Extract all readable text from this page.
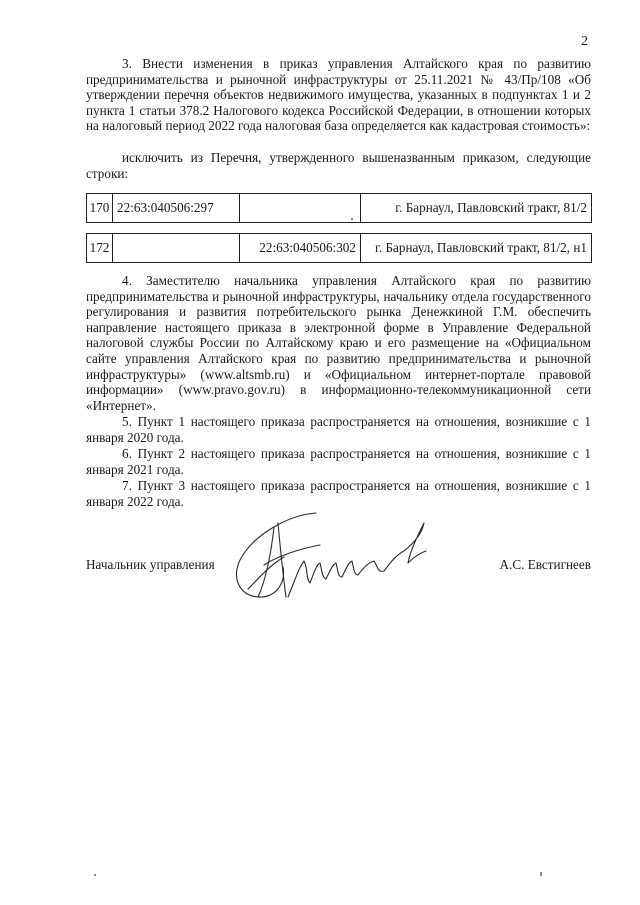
2

3. Внести изменения в приказ управления Алтайского края по развитию предпринимательства и рыночной инфраструктуры от 25.11.2021 № 43/Пр/108 «Об утверждении перечня объектов недвижимого имущества, указанных в подпунктах 1 и 2 пункта 1 статьи 378.2 Налогового кодекса Российской Федерации, в отношении которых на налоговый период 2022 года налоговая база определяется как кадастровая стоимость»:

исключить из Перечня, утвержденного вышеназванным приказом, следующие строки:

170	22:63:040506:297		г. Барнаул, Павловский тракт, 81/2
172		22:63:040506:302	г. Барнаул, Павловский тракт, 81/2, н1

4. Заместителю начальника управления Алтайского края по развитию предпринимательства и рыночной инфраструктуры, начальнику отдела государственного регулирования и развития потребительского рынка Денежкиной Г.М. обеспечить направление настоящего приказа в электронной форме в Управление Федеральной налоговой службы России по Алтайскому краю и его размещение на «Официальном сайте управления Алтайского края по развитию предпринимательства и рыночной инфраструктуры» (www.altsmb.ru) и «Официальном интернет-портале правовой информации» (www.pravo.gov.ru) в информационно-телекоммуникационной сети «Интернет».

5. Пункт 1 настоящего приказа распространяется на отношения, возникшие с 1 января 2020 года.

6. Пункт 2 настоящего приказа распространяется на отношения, возникшие с 1 января 2021 года.

7. Пункт 3 настоящего приказа распространяется на отношения, возникшие с 1 января 2022 года.

Начальник управления	А.С. Евстигнеев
